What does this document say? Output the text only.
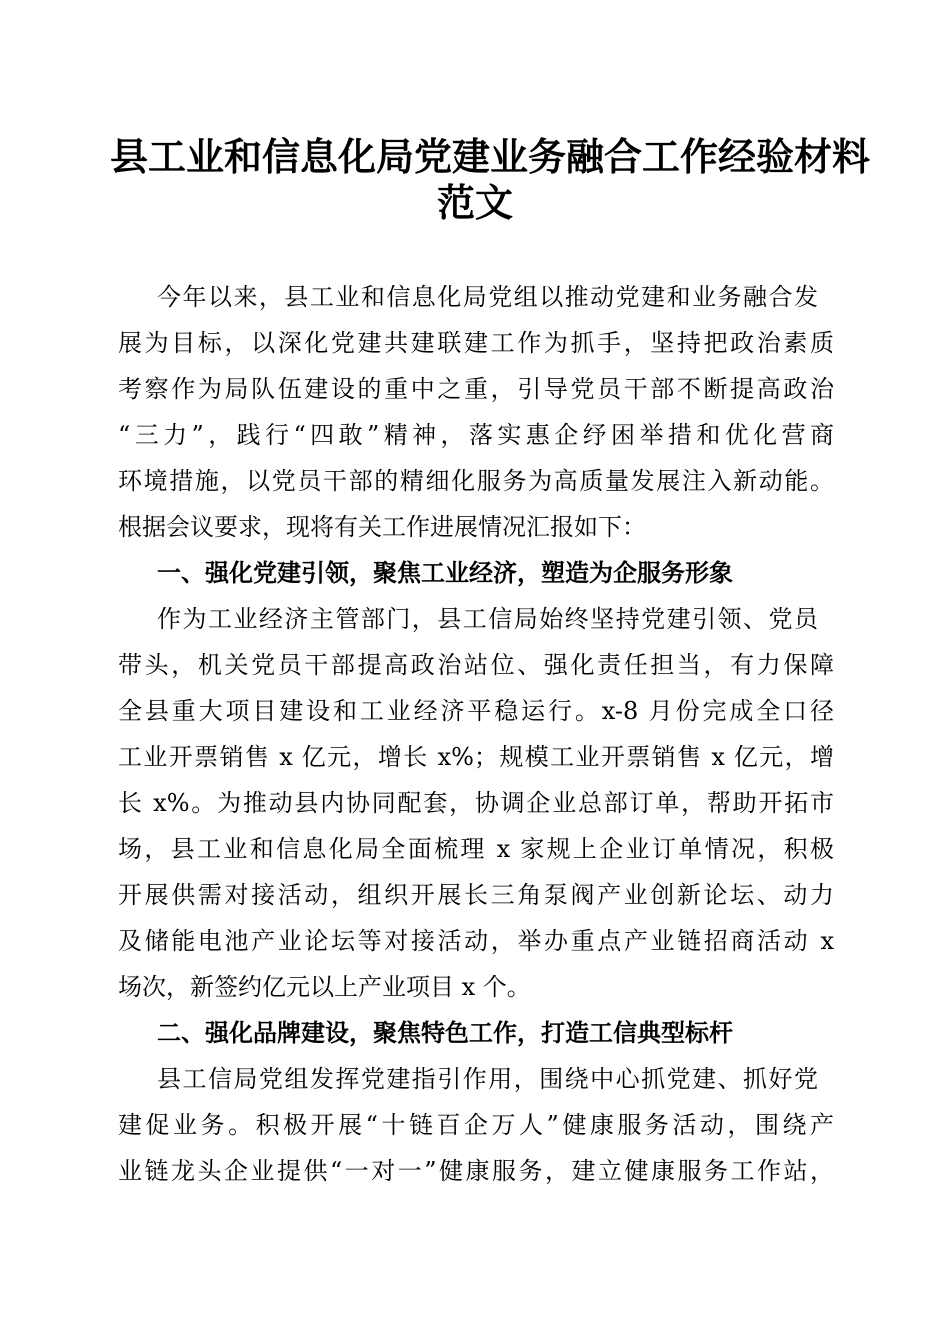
县工业和信息化局党建业务融合工作经验材料
范文
今年以来，县工业和信息化局党组以推动党建和业务融合发
展为目标，以深化党建共建联建工作为抓手，坚持把政治素质
考察作为局队伍建设的重中之重，引导党员干部不断提高政治
“三力”，践行“四敢”精神，落实惠企纾困举措和优化营商
环境措施，以党员干部的精细化服务为高质量发展注入新动能。
根据会议要求，现将有关工作进展情况汇报如下：
一、强化党建引领，聚焦工业经济，塑造为企服务形象
作为工业经济主管部门，县工信局始终坚持党建引领、党员
带头，机关党员干部提高政治站位、强化责任担当，有力保障
全县重大项目建设和工业经济平稳运行。x-8 月份完成全口径
工业开票销售 x 亿元，增长 x%；规模工业开票销售 x 亿元，增
长 x%。为推动县内协同配套，协调企业总部订单，帮助开拓市
场，县工业和信息化局全面梳理 x 家规上企业订单情况，积极
开展供需对接活动，组织开展长三角泵阀产业创新论坛、动力
及储能电池产业论坛等对接活动，举办重点产业链招商活动 x
场次，新签约亿元以上产业项目 x 个。
二、强化品牌建设，聚焦特色工作，打造工信典型标杆
县工信局党组发挥党建指引作用，围绕中心抓党建、抓好党
建促业务。积极开展“十链百企万人”健康服务活动，围绕产
业链龙头企业提供“一对一”健康服务，建立健康服务工作站，
